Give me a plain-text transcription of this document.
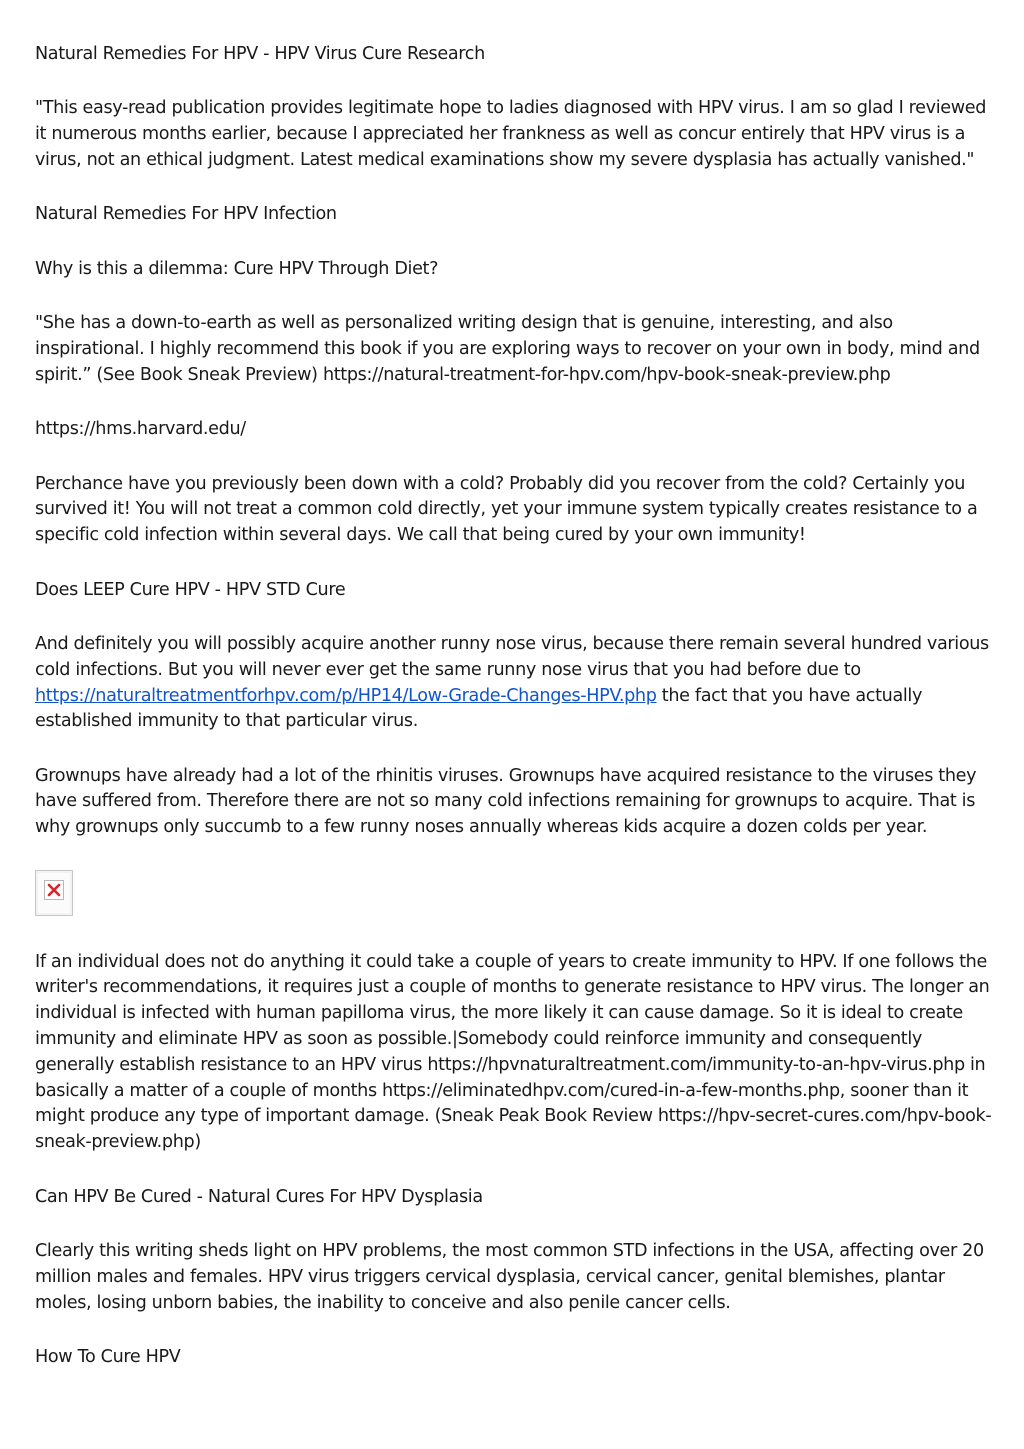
Natural Remedies For HPV - HPV Virus Cure Research
"This easy-read publication provides legitimate hope to ladies diagnosed with HPV virus. I am so glad I reviewed it numerous months earlier, because I appreciated her frankness as well as concur entirely that HPV virus is a virus, not an ethical judgment. Latest medical examinations show my severe dysplasia has actually vanished."
Natural Remedies For HPV Infection
Why is this a dilemma: Cure HPV Through Diet?
"She has a down-to-earth as well as personalized writing design that is genuine, interesting, and also inspirational. I highly recommend this book if you are exploring ways to recover on your own in body, mind and spirit.” (See Book Sneak Preview) https://natural-treatment-for-hpv.com/hpv-book-sneak-preview.php
https://hms.harvard.edu/
Perchance have you previously been down with a cold? Probably did you recover from the cold? Certainly you survived it! You will not treat a common cold directly, yet your immune system typically creates resistance to a specific cold infection within several days. We call that being cured by your own immunity!
Does LEEP Cure HPV - HPV STD Cure
And definitely you will possibly acquire another runny nose virus, because there remain several hundred various cold infections. But you will never ever get the same runny nose virus that you had before due to https://naturaltreatmentforhpv.com/p/HP14/Low-Grade-Changes-HPV.php the fact that you have actually established immunity to that particular virus.
Grownups have already had a lot of the rhinitis viruses. Grownups have acquired resistance to the viruses they have suffered from. Therefore there are not so many cold infections remaining for grownups to acquire. That is why grownups only succumb to a few runny noses annually whereas kids acquire a dozen colds per year.
If an individual does not do anything it could take a couple of years to create immunity to HPV. If one follows the writer's recommendations, it requires just a couple of months to generate resistance to HPV virus. The longer an individual is infected with human papilloma virus, the more likely it can cause damage. So it is ideal to create immunity and eliminate HPV as soon as possible.|Somebody could reinforce immunity and consequently generally establish resistance to an HPV virus https://hpvnaturaltreatment.com/immunity-to-an-hpv-virus.php in basically a matter of a couple of months https://eliminatedhpv.com/cured-in-a-few-months.php, sooner than it might produce any type of important damage. (Sneak Peak Book Review https://hpv-secret-cures.com/hpv-book-sneak-preview.php)
Can HPV Be Cured - Natural Cures For HPV Dysplasia
Clearly this writing sheds light on HPV problems, the most common STD infections in the USA, affecting over 20 million males and females. HPV virus triggers cervical dysplasia, cervical cancer, genital blemishes, plantar moles, losing unborn babies, the inability to conceive and also penile cancer cells.
How To Cure HPV
